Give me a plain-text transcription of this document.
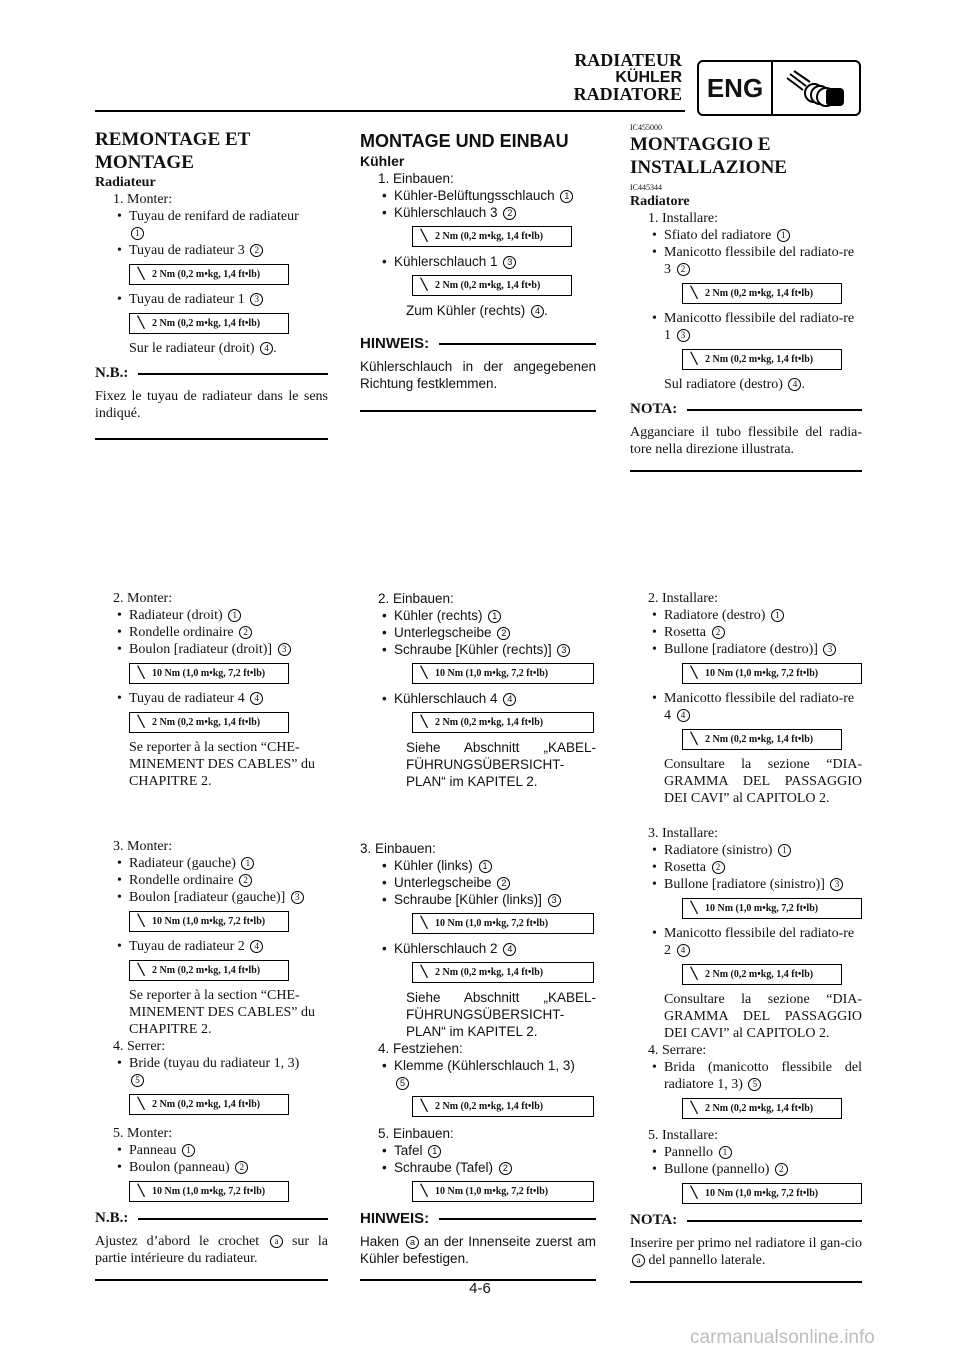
RADIATEUR
KÜHLER
RADIATORE ENG
REMONTAGE ET MONTAGE
Radiateur
1. Monter:
• Tuyau de renifard de radiateur
1
• Tuyau de radiateur 3 2
╲ 2 Nm (0,2 m•kg, 1,4 ft•lb)
• Tuyau de radiateur 1 3
╲ 2 Nm (0,2 m•kg, 1,4 ft•lb)
Sur le radiateur (droit) 4 .
N.B.:
Fixez le tuyau de radiateur dans le sens indiqué.
2. Monter:
• Radiateur (droit) 1
• Rondelle ordinaire 2
• Boulon [radiateur (droit)] 3
╲ 10 Nm (1,0 m•kg, 7,2 ft•lb)
• Tuyau de radiateur 4 4
╲ 2 Nm (0,2 m•kg, 1,4 ft•lb)
Se reporter à la section “CHE-MINEMENT DES CABLES” du CHAPITRE 2.
3. Monter:
• Radiateur (gauche) 1
• Rondelle ordinaire 2
• Boulon [radiateur (gauche)] 3
╲ 10 Nm (1,0 m•kg, 7,2 ft•lb)
• Tuyau de radiateur 2 4
╲ 2 Nm (0,2 m•kg, 1,4 ft•lb)
Se reporter à la section “CHE-MINEMENT DES CABLES” du CHAPITRE 2.
4. Serrer:
• Bride (tuyau du radiateur 1, 3)
5
╲ 2 Nm (0,2 m•kg, 1,4 ft•lb)
5. Monter:
• Panneau 1
• Boulon (panneau) 2
╲ 10 Nm (1,0 m•kg, 7,2 ft•lb)
N.B.:
Ajustez d’abord le crochet a sur la partie intérieure du radiateur.
MONTAGE UND EINBAU
Kühler
1. Einbauen:
• Kühler-Belüftungsschlauch 1
• Kühlerschlauch 3 2
╲ 2 Nm (0,2 m•kg, 1,4 ft•lb)
• Kühlerschlauch 1 3
╲ 2 Nm (0,2 m•kg, 1,4 ft•b)
Zum Kühler (rechts) 4 .
HINWEIS:
Kühlerschlauch in der angegebenen Richtung festklemmen.
2. Einbauen:
• Kühler (rechts) 1
• Unterlegscheibe 2
• Schraube [Kühler (rechts)] 3
╲ 10 Nm (1,0 m•kg, 7,2 ft•lb)
• Kühlerschlauch 4 4
╲ 2 Nm (0,2 m•kg, 1,4 ft•lb)
Siehe Abschnitt „KABEL-FÜHRUNGSÜBERSICHT-PLAN“ im KAPITEL 2.
3. Einbauen:
• Kühler (links) 1
• Unterlegscheibe 2
• Schraube [Kühler (links)] 3
╲ 10 Nm (1,0 m•kg, 7,2 ft•lb)
• Kühlerschlauch 2 4
╲ 2 Nm (0,2 m•kg, 1,4 ft•lb)
Siehe Abschnitt „KABEL-FÜHRUNGSÜBERSICHT-PLAN“ im KAPITEL 2.
4. Festziehen:
• Klemme (Kühlerschlauch 1, 3)
5
╲ 2 Nm (0,2 m•kg, 1,4 ft•lb)
5. Einbauen:
• Tafel 1
• Schraube (Tafel) 2
╲ 10 Nm (1,0 m•kg, 7,2 ft•lb)
HINWEIS:
Haken a an der Innenseite zuerst am Kühler befestigen.
IC455000
MONTAGGIO E INSTALLAZIONE
IC445344
Radiatore
1. Installare:
• Sfiato del radiatore 1
• Manicotto flessibile del radiato-re 3 2
╲ 2 Nm (0,2 m•kg, 1,4 ft•lb)
• Manicotto flessibile del radiato-re 1 3
╲ 2 Nm (0,2 m•kg, 1,4 ft•lb)
Sul radiatore (destro) 4 .
NOTA:
Agganciare il tubo flessibile del radia-tore nella direzione illustrata.
2. Installare:
• Radiatore (destro) 1
• Rosetta 2
• Bullone [radiatore (destro)] 3
╲ 10 Nm (1,0 m•kg, 7,2 ft•lb)
• Manicotto flessibile del radiato-re 4 4
╲ 2 Nm (0,2 m•kg, 1,4 ft•lb)
Consultare la sezione “DIA-GRAMMA DEL PASSAGGIO DEI CAVI” al CAPITOLO 2.
3. Installare:
• Radiatore (sinistro) 1
• Rosetta 2
• Bullone [radiatore (sinistro)] 3
╲ 10 Nm (1,0 m•kg, 7,2 ft•lb)
• Manicotto flessibile del radiato-re 2 4
╲ 2 Nm (0,2 m•kg, 1,4 ft•lb)
Consultare la sezione “DIA-GRAMMA DEL PASSAGGIO DEI CAVI” al CAPITOLO 2.
4. Serrare:
• Brida (manicotto flessibile del radiatore 1, 3) 5
╲ 2 Nm (0,2 m•kg, 1,4 ft•lb)
5. Installare:
• Pannello 1
• Bullone (pannello) 2
╲ 10 Nm (1,0 m•kg, 7,2 ft•lb)
NOTA:
Inserire per primo nel radiatore il gan-cio a del pannello laterale.
4-6
carmanualsonline.info
